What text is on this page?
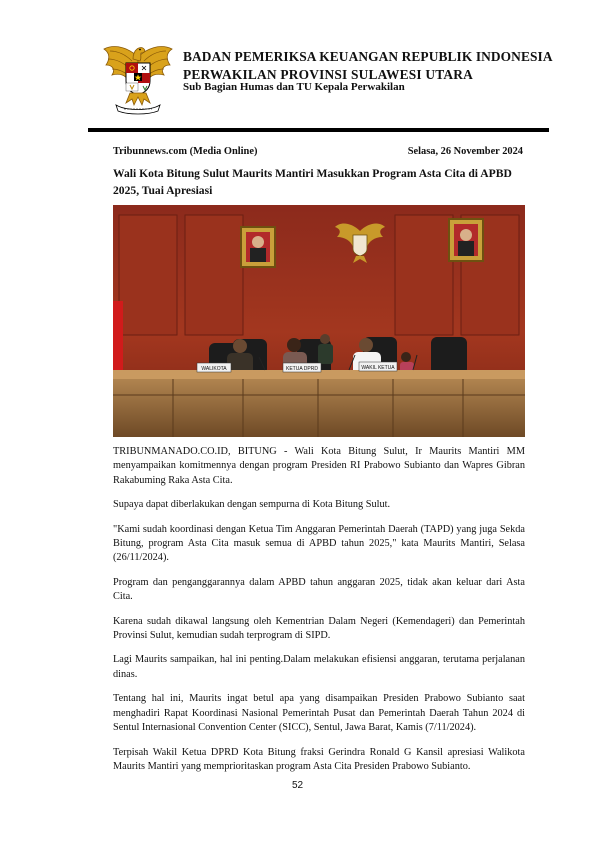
BADAN PEMERIKSA KEUANGAN REPUBLIK INDONESIA
PERWAKILAN PROVINSI SULAWESI UTARA
Sub Bagian Humas dan TU Kepala Perwakilan
Tribunnews.com (Media Online)	Selasa, 26 November 2024
Wali Kota Bitung Sulut Maurits Mantiri Masukkan Program Asta Cita di APBD 2025, Tuai Apresiasi
WALIKOTA	KETUA DPRD	WAKIL KETUA

TRIBUNMANADO.CO.ID, BITUNG - Wali Kota Bitung Sulut, Ir Maurits Mantiri MM menyampaikan komitmennya dengan program Presiden RI Prabowo Subianto dan Wapres Gibran Rakabuming Raka Asta Cita.

Supaya dapat diberlakukan dengan sempurna di Kota Bitung Sulut.

"Kami sudah koordinasi dengan Ketua Tim Anggaran Pemerintah Daerah (TAPD) yang juga Sekda Bitung, program Asta Cita masuk semua di APBD tahun 2025," kata Maurits Mantiri, Selasa (26/11/2024).

Program dan penganggarannya dalam APBD tahun anggaran 2025, tidak akan keluar dari Asta Cita.

Karena sudah dikawal langsung oleh Kementrian Dalam Negeri (Kemendageri) dan Pemerintah Provinsi Sulut, kemudian sudah terprogram di SIPD.

Lagi Maurits sampaikan, hal ini penting.Dalam melakukan efisiensi anggaran, terutama perjalanan dinas.

Tentang hal ini, Maurits ingat betul apa yang disampaikan Presiden Prabowo Subianto saat menghadiri Rapat Koordinasi Nasional Pemerintah Pusat dan Pemerintah Daerah Tahun 2024 di Sentul Internasional Convention Center (SICC), Sentul, Jawa Barat, Kamis (7/11/2024).

Terpisah Wakil Ketua DPRD Kota Bitung fraksi Gerindra Ronald G Kansil apresiasi Walikota Maurits Mantiri yang memprioritaskan program Asta Cita Presiden Prabowo Subianto.

52
